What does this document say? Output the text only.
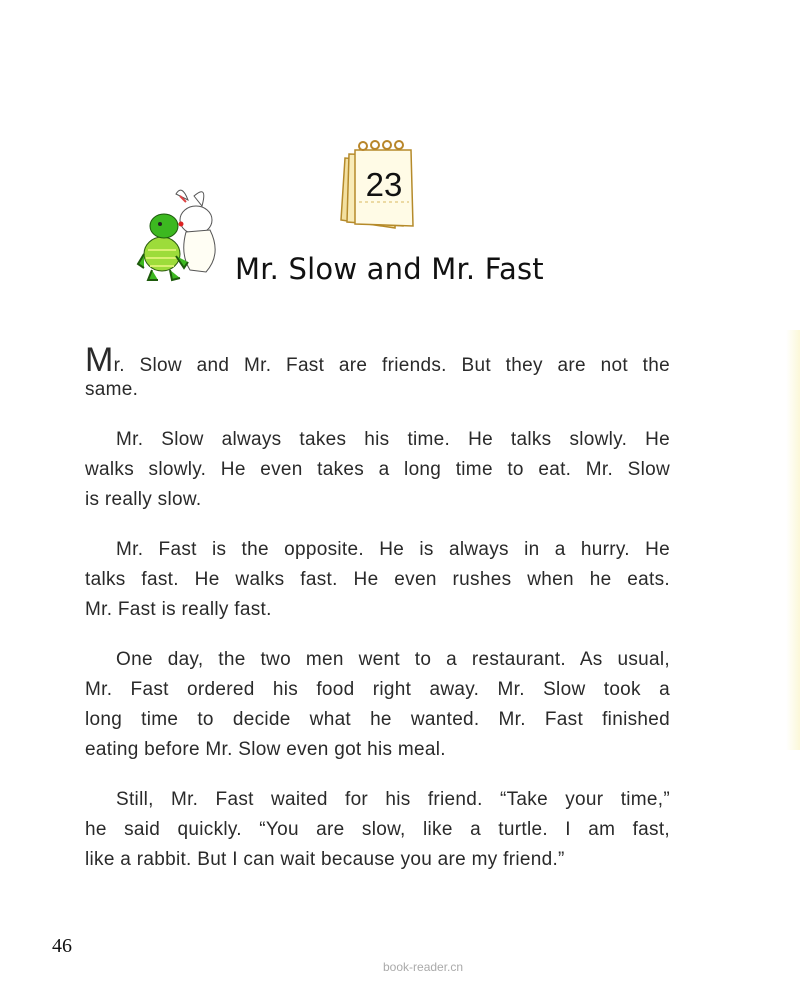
23
Mr. Slow and Mr. Fast
Mr. Slow and Mr. Fast are friends. But they are not the
same.
Mr. Slow always takes his time. He talks slowly. He
walks slowly. He even takes a long time to eat. Mr. Slow
is really slow.
Mr. Fast is the opposite. He is always in a hurry. He
talks fast. He walks fast. He even rushes when he eats.
Mr. Fast is really fast.
One day, the two men went to a restaurant. As usual,
Mr. Fast ordered his food right away. Mr. Slow took a
long time to decide what he wanted. Mr. Fast finished
eating before Mr. Slow even got his meal.
Still, Mr. Fast waited for his friend. “Take your time,”
he said quickly. “You are slow, like a turtle. I am fast,
like a rabbit. But I can wait because you are my friend.”
46
book-reader.cn
